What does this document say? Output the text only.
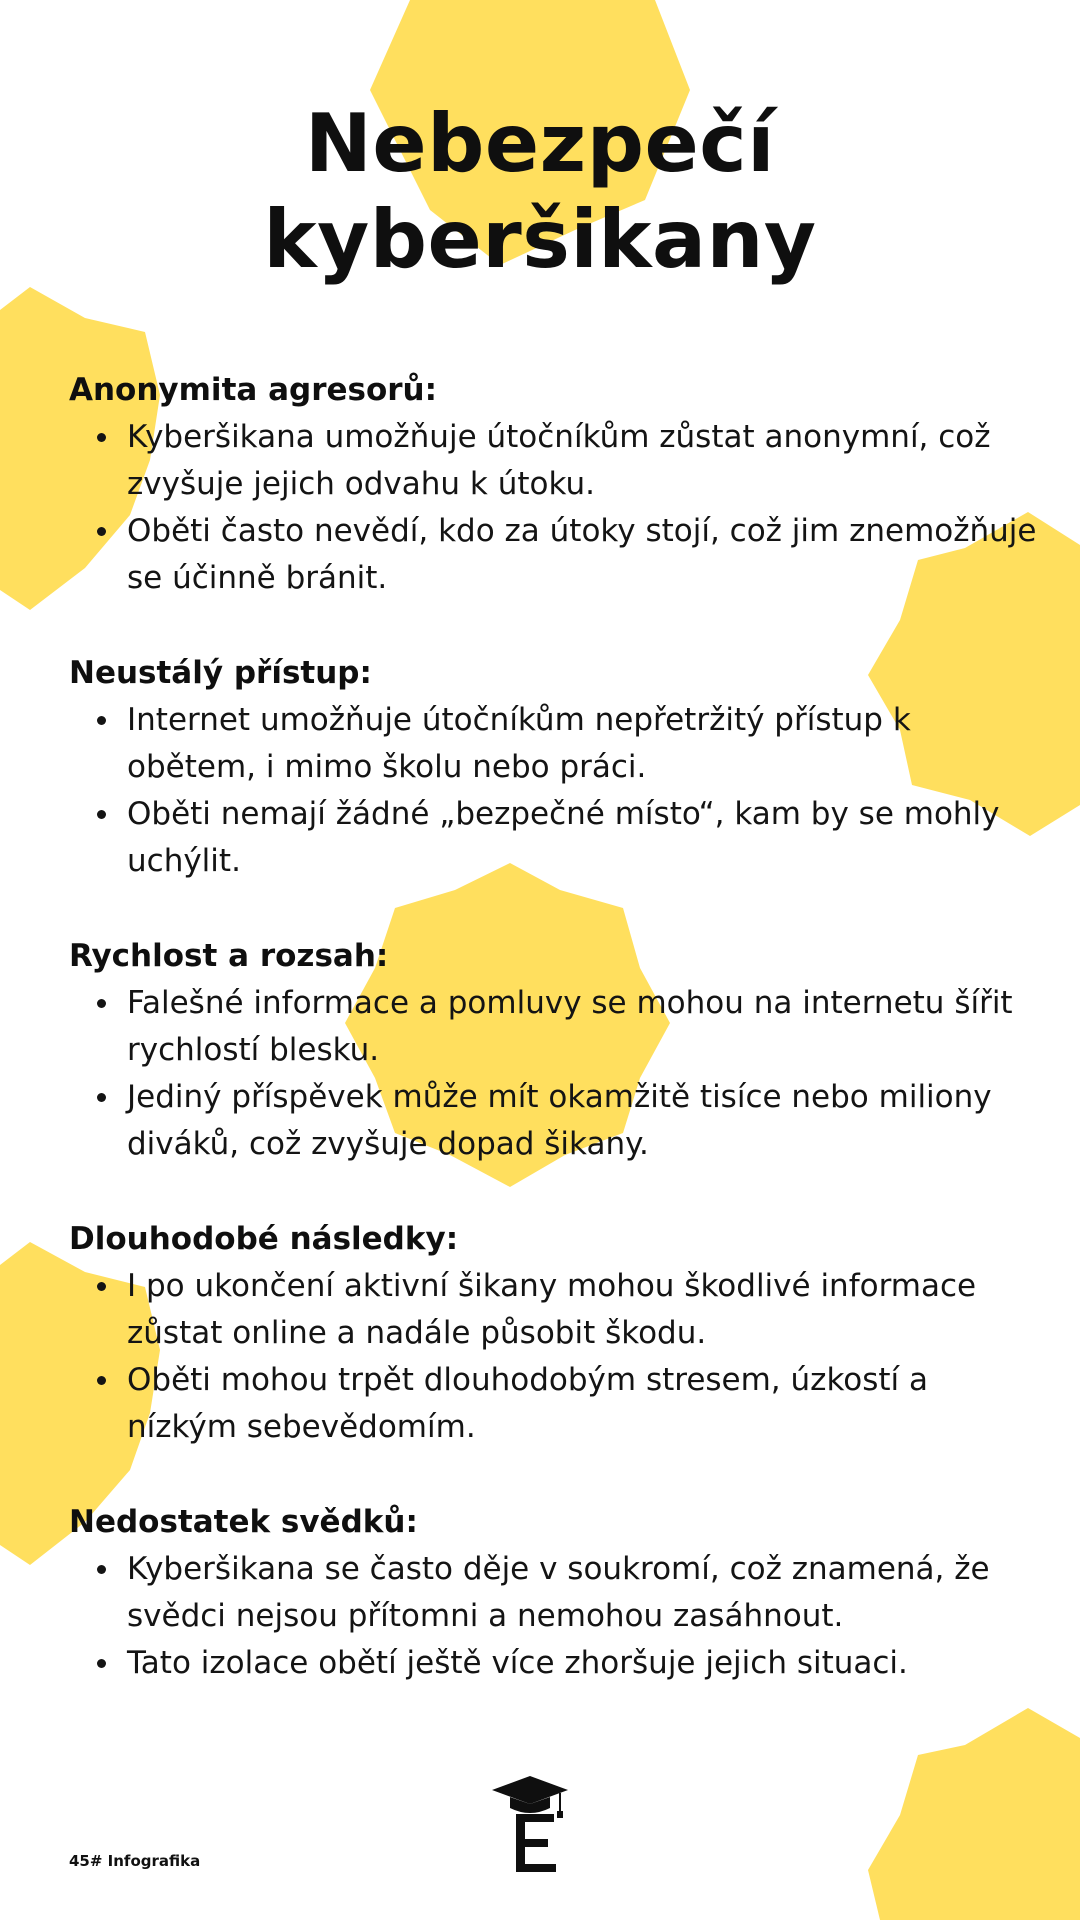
Nebezpečí
kyberšikany
Anonymita agresorů:
Kyberšikana umožňuje útočníkům zůstat anonymní, což zvyšuje jejich odvahu k útoku.
Oběti často nevědí, kdo za útoky stojí, což jim znemožňuje se účinně bránit.
Neustálý přístup:
Internet umožňuje útočníkům nepřetržitý přístup k obětem, i mimo školu nebo práci.
Oběti nemají žádné „bezpečné místo“, kam by se mohly uchýlit.
Rychlost a rozsah:
Falešné informace a pomluvy se mohou na internetu šířit rychlostí blesku.
Jediný příspěvek může mít okamžitě tisíce nebo miliony diváků, což zvyšuje dopad šikany.
Dlouhodobé následky:
I po ukončení aktivní šikany mohou škodlivé informace zůstat online a nadále působit škodu.
Oběti mohou trpět dlouhodobým stresem, úzkostí a nízkým sebevědomím.
Nedostatek svědků:
Kyberšikana se často děje v soukromí, což znamená, že svědci nejsou přítomni a nemohou zasáhnout.
Tato izolace obětí ještě více zhoršuje jejich situaci.
45# Infografika
